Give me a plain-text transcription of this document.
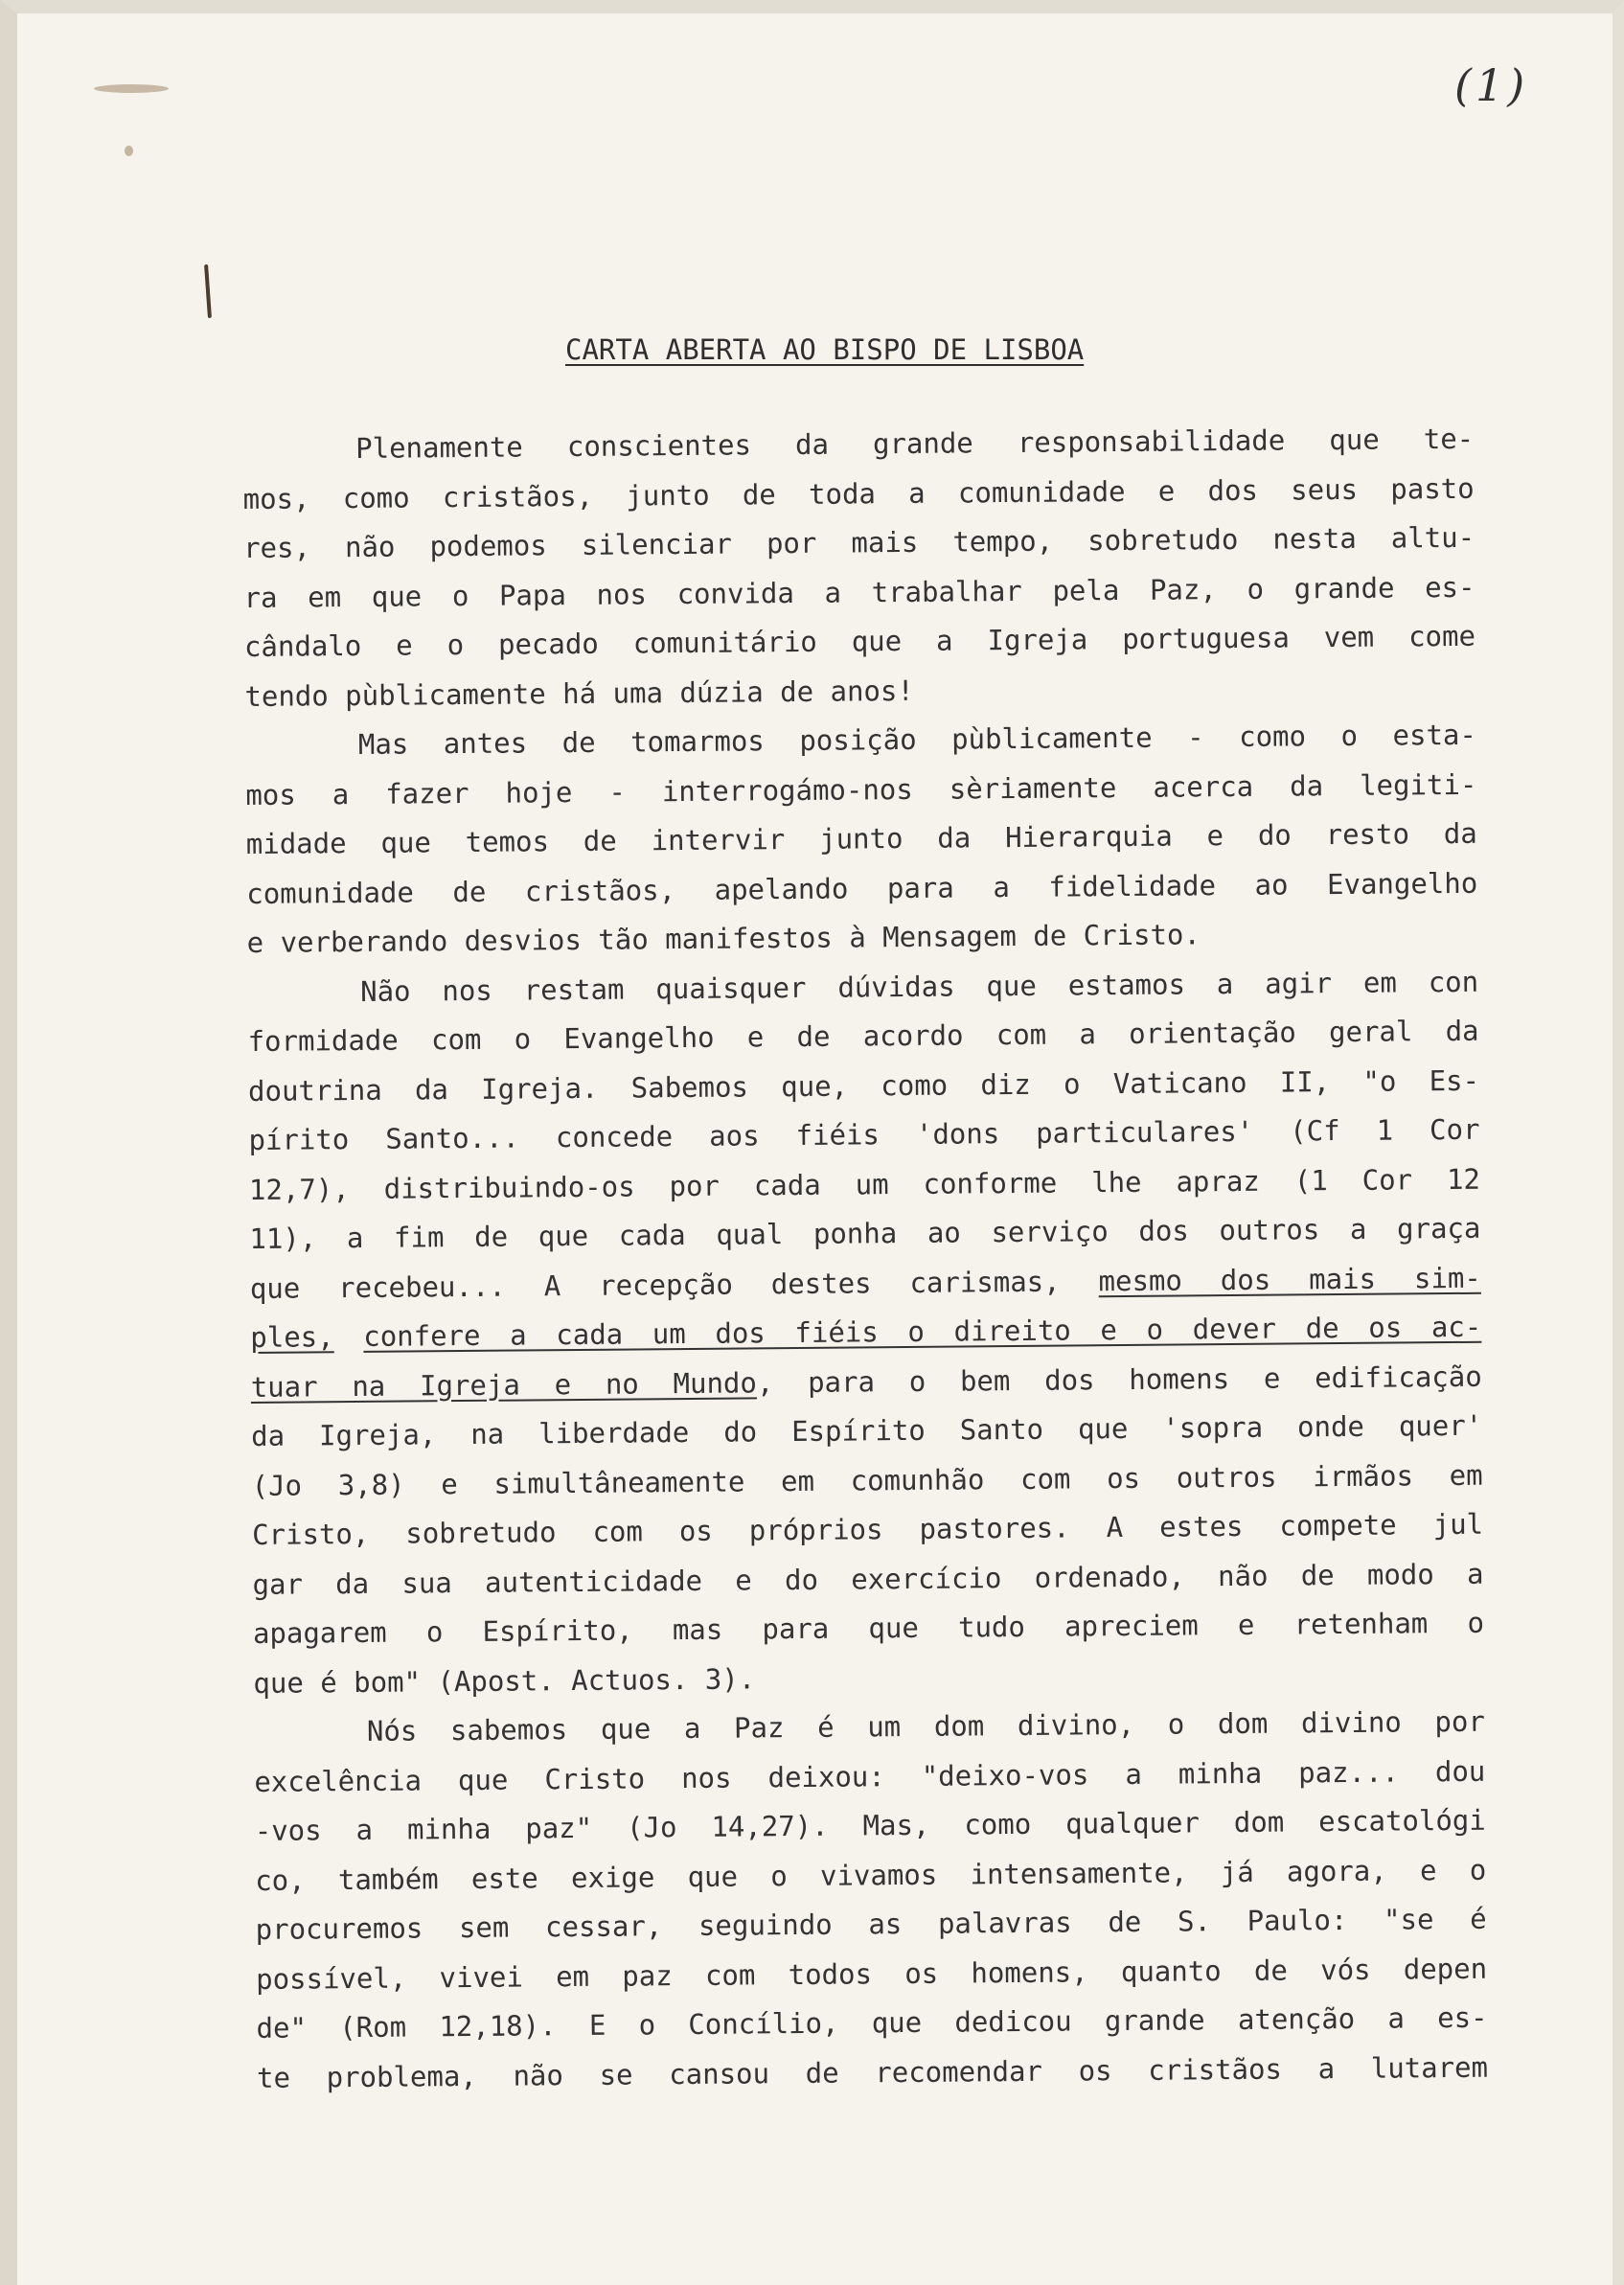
(1)
CARTA ABERTA AO BISPO DE LISBOA
Plenamente conscientes da grande responsabilidade que te-
mos, como cristãos, junto de toda a comunidade e dos seus pasto
res, não podemos silenciar por mais tempo, sobretudo nesta altu-
ra em que o Papa nos convida a trabalhar pela Paz, o grande es-
cândalo e o pecado comunitário que a Igreja portuguesa vem come
tendo pùblicamente há uma dúzia de anos!
Mas antes de tomarmos posição pùblicamente - como o esta-
mos a fazer hoje - interrogámo-nos sèriamente acerca da legiti-
midade que temos de intervir junto da Hierarquia e do resto da
comunidade de cristãos, apelando para a fidelidade ao Evangelho
e verberando desvios tão manifestos à Mensagem de Cristo.
Não nos restam quaisquer dúvidas que estamos a agir em con
formidade com o Evangelho e de acordo com a orientação geral da
doutrina da Igreja. Sabemos que, como diz o Vaticano II, "o Es-
pírito Santo... concede aos fiéis 'dons particulares' (Cf 1 Cor
12,7), distribuindo-os por cada um conforme lhe apraz (1 Cor 12
11), a fim de que cada qual ponha ao serviço dos outros a graça
que recebeu... A recepção destes carismas, mesmo dos mais sim-
ples, confere a cada um dos fiéis o direito e o dever de os ac-
tuar na Igreja e no Mundo, para o bem dos homens e edificação
da Igreja, na liberdade do Espírito Santo que 'sopra onde quer'
(Jo 3,8) e simultâneamente em comunhão com os outros irmãos em
Cristo, sobretudo com os próprios pastores. A estes compete jul
gar da sua autenticidade e do exercício ordenado, não de modo a
apagarem o Espírito, mas para que tudo apreciem e retenham o
que é bom" (Apost. Actuos. 3).
Nós sabemos que a Paz é um dom divino, o dom divino por
excelência que Cristo nos deixou: "deixo-vos a minha paz... dou
-vos a minha paz" (Jo 14,27). Mas, como qualquer dom escatológi
co, também este exige que o vivamos intensamente, já agora, e o
procuremos sem cessar, seguindo as palavras de S. Paulo: "se é
possível, vivei em paz com todos os homens, quanto de vós depen
de" (Rom 12,18). E o Concílio, que dedicou grande atenção a es-
te problema, não se cansou de recomendar os cristãos a lutarem
